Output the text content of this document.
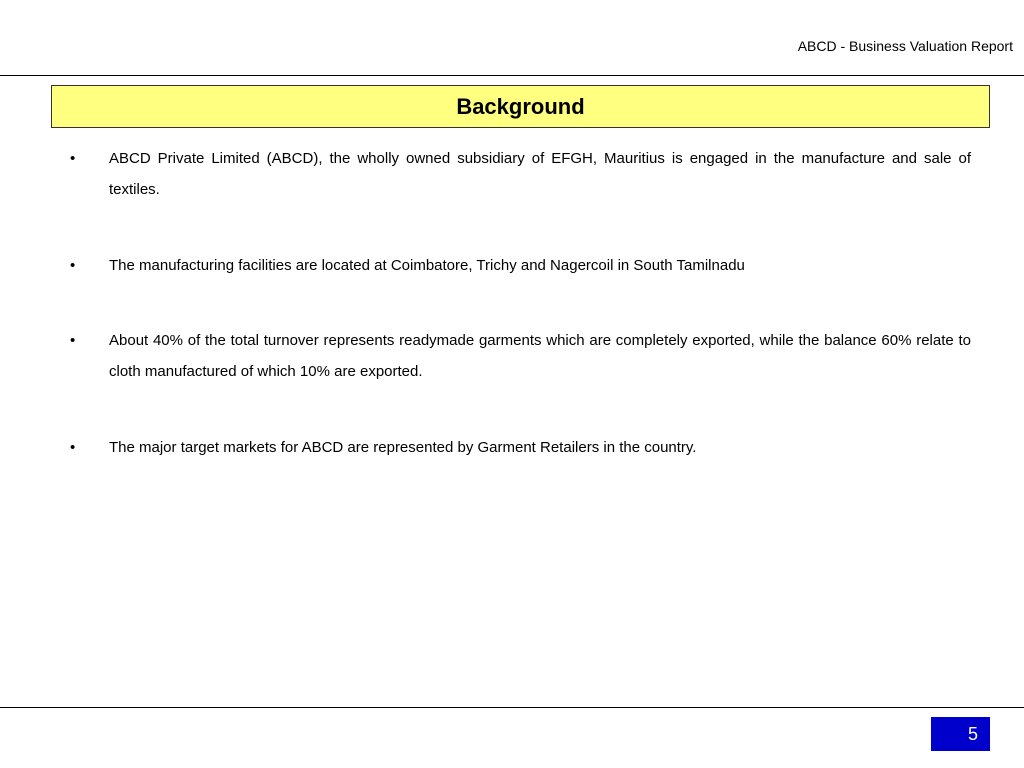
ABCD - Business Valuation Report
Background
• ABCD Private Limited (ABCD), the wholly owned subsidiary of EFGH, Mauritius is engaged in the manufacture and sale of textiles.

• The manufacturing facilities are located at Coimbatore, Trichy and Nagercoil in South Tamilnadu

• About 40% of the total turnover represents readymade garments which are completely exported, while the balance 60% relate to cloth manufactured of which 10% are exported.

• The major target markets for ABCD are represented by Garment Retailers in the country.

5
